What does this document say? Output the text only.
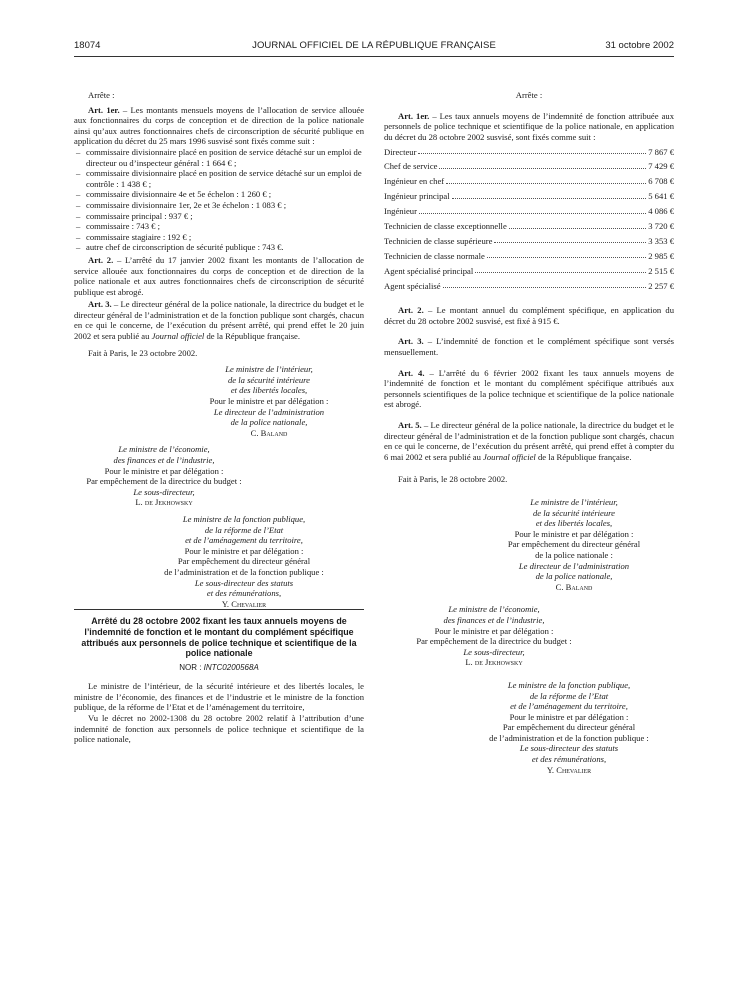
18074	JOURNAL OFFICIEL DE LA RÉPUBLIQUE FRANÇAISE	31 octobre 2002

Arrête :

Art. 1er. – Les montants mensuels moyens de l’allocation de service allouée aux fonctionnaires du corps de conception et de direction de la police nationale ainsi qu’aux autres fonctionnaires chefs de circonscription de sécurité publique en application du décret du 25 mars 1996 susvisé sont fixés comme suit :

– commissaire divisionnaire placé en position de service détaché sur un emploi de directeur ou d’inspecteur général : 1 664 € ;
– commissaire divisionnaire placé en position de service détaché sur un emploi de contrôle : 1 438 € ;
– commissaire divisionnaire 4e et 5e échelon : 1 260 € ;
– commissaire divisionnaire 1er, 2e et 3e échelon : 1 083 € ;
– commissaire principal : 937 € ;
– commissaire : 743 € ;
– commissaire stagiaire : 192 € ;
– autre chef de circonscription de sécurité publique : 743 €.

Art. 2. – L’arrêté du 17 janvier 2002 fixant les montants de l’allocation de service allouée aux fonctionnaires du corps de conception et de direction de la police nationale et aux autres fonctionnaires chefs de circonscription de sécurité publique est abrogé.

Art. 3. – Le directeur général de la police nationale, la directrice du budget et le directeur général de l’administration et de la fonction publique sont chargés, chacun en ce qui le concerne, de l’exécution du présent arrêté, qui prend effet le 20 juin 2002 et sera publié au Journal officiel de la République française.

Fait à Paris, le 23 octobre 2002.

Le ministre de l’intérieur,
de la sécurité intérieure
et des libertés locales,
Pour le ministre et par délégation :
Le directeur de l’administration
de la police nationale,
C. Baland
Le ministre de l’économie,
des finances et de l’industrie,
Pour le ministre et par délégation :
Par empêchement de la directrice du budget :
Le sous-directeur,
L. de Jekhowsky
Le ministre de la fonction publique,
de la réforme de l’Etat
et de l’aménagement du territoire,
Pour le ministre et par délégation :
Par empêchement du directeur général
de l’administration et de la fonction publique :
Le sous-directeur des statuts
et des rémunérations,
Y. Chevalier

Arrêté du 28 octobre 2002 fixant les taux annuels moyens de l’indemnité de fonction et le montant du complément spécifique attribués aux personnels de police technique et scientifique de la police nationale

NOR : INTC0200568A

Le ministre de l’intérieur, de la sécurité intérieure et des libertés locales, le ministre de l’économie, des finances et de l’industrie et le ministre de la fonction publique, de la réforme de l’Etat et de l’aménagement du territoire,

Vu le décret no 2002-1308 du 28 octobre 2002 relatif à l’attribution d’une indemnité de fonction aux personnels de police technique et scientifique de la police nationale,

Arrête :

Art. 1er. – Les taux annuels moyens de l’indemnité de fonction attribuée aux personnels de police technique et scientifique de la police nationale, en application du décret du 28 octobre 2002 susvisé, sont fixés comme suit :

Directeur	7 867 €

Chef de service	7 429 €

Ingénieur en chef	6 708 €

Ingénieur principal	5 641 €

Ingénieur	4 086 €

Technicien de classe exceptionnelle	3 720 €

Technicien de classe supérieure	3 353 €

Technicien de classe normale	2 985 €

Agent spécialisé principal	2 515 €

Agent spécialisé	2 257 €

Art. 2. – Le montant annuel du complément spécifique, en application du décret du 28 octobre 2002 susvisé, est fixé à 915 €.

Art. 3. – L’indemnité de fonction et le complément spécifique sont versés mensuellement.

Art. 4. – L’arrêté du 6 février 2002 fixant les taux annuels moyens de l’indemnité de fonction et le montant du complément spécifique attribués aux personnels scientifiques de la police technique et scientifique de la police nationale est abrogé.

Art. 5. – Le directeur général de la police nationale, la directrice du budget et le directeur général de l’administration et de la fonction publique sont chargés, chacun en ce qui le concerne, de l’exécution du présent arrêté, qui prend effet à compter du 6 mai 2002 et sera publié au Journal officiel de la République française.

Fait à Paris, le 28 octobre 2002.

Le ministre de l’intérieur,
de la sécurité intérieure
et des libertés locales,
Pour le ministre et par délégation :
Par empêchement du directeur général
de la police nationale :
Le directeur de l’administration
de la police nationale,
C. Baland
Le ministre de l’économie,
des finances et de l’industrie,
Pour le ministre et par délégation :
Par empêchement de la directrice du budget :
Le sous-directeur,
L. de Jekhowsky
Le ministre de la fonction publique,
de la réforme de l’Etat
et de l’aménagement du territoire,
Pour le ministre et par délégation :
Par empêchement du directeur général
de l’administration et de la fonction publique :
Le sous-directeur des statuts
et des rémunérations,
Y. Chevalier
